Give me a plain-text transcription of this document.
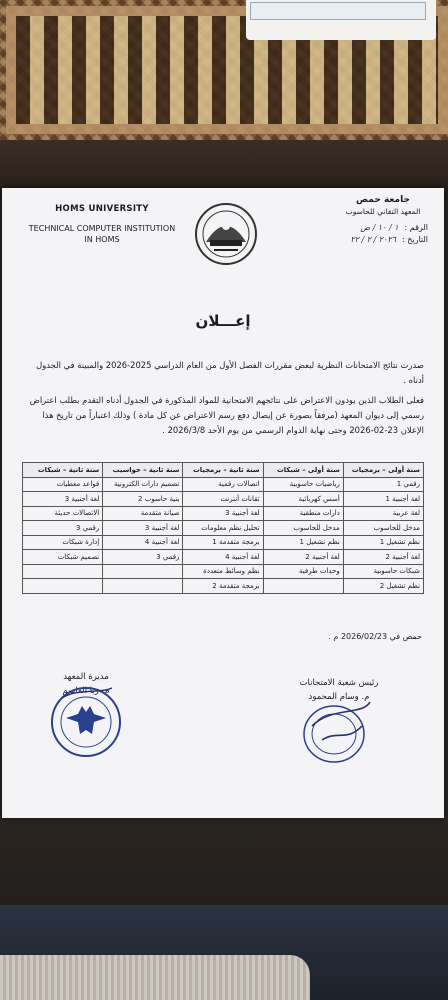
HOMS UNIVERSITY
TECHNICAL COMPUTER INSTITUTION
IN HOMS
جامعة حمص
المعهد التقاني للحاسوب
الرقم :
١ / ١٠ / ص
التاريخ :
٢٠٢٦ / ٢ / ٢٢
إعـــلان

صدرت نتائج الامتحانات النظرية لبعض مقررات الفصل الأول من العام الدراسي 2025-2026 والمبينة في الجدول أدناه .

فعلى الطلاب الذين يودون الاعتراض على نتائجهم الامتحانية للمواد المذكورة في الجدول أدناه التقدم بطلب اعتراض رسمي إلى ديوان المعهد (مرفقاً بصورة عن إيصال دفع رسم الاعتراض عن كل مادة ) وذلك اعتباراً من تاريخ هذا الإعلان 23-02-2026 وحتى نهاية الدوام الرسمي من يوم الأحد 2026/3/8 .

سنة أولى – برمجيات	سنة أولى – شبكات	سنة ثانية – برمجيات	سنة ثانية – حواسيب	سنة ثانية – شبكات
رقمي 1	رياضيات حاسوبية	اتصالات رقمية	تصميم دارات الكترونية	قواعد معطيات
لغة أجنبية 1	أسس كهربائية	تقانات أنترنت	بنية حاسوب 2	لغة أجنبية 3
لغة عربية	دارات منطقية	لغة أجنبية 3	صيانة متقدمة	الاتصالات حديثة
مدخل للحاسوب	مدخل للحاسوب	تحليل نظم معلومات	لغة أجنبية 3	رقمي 3
نظم تشغيل 1	نظم تشغيل 1	برمجة متقدمة 1	لغة أجنبية 4	إدارة شبكات
لغة أجنبية 2	لغة أجنبية 2	لغة أجنبية 4	رقمي 3	تصميم شبكات
شبكات حاسوبية	وحدات طرفية	نظم وسائط متعددة		
نظم تشغيل 2		برمجة متقدمة 2		
حمص في 2026/02/23 م .
رئيس شعبة الامتحانات
م. وسام المحمود
مديرة المعهد
م. ربا القاسم
